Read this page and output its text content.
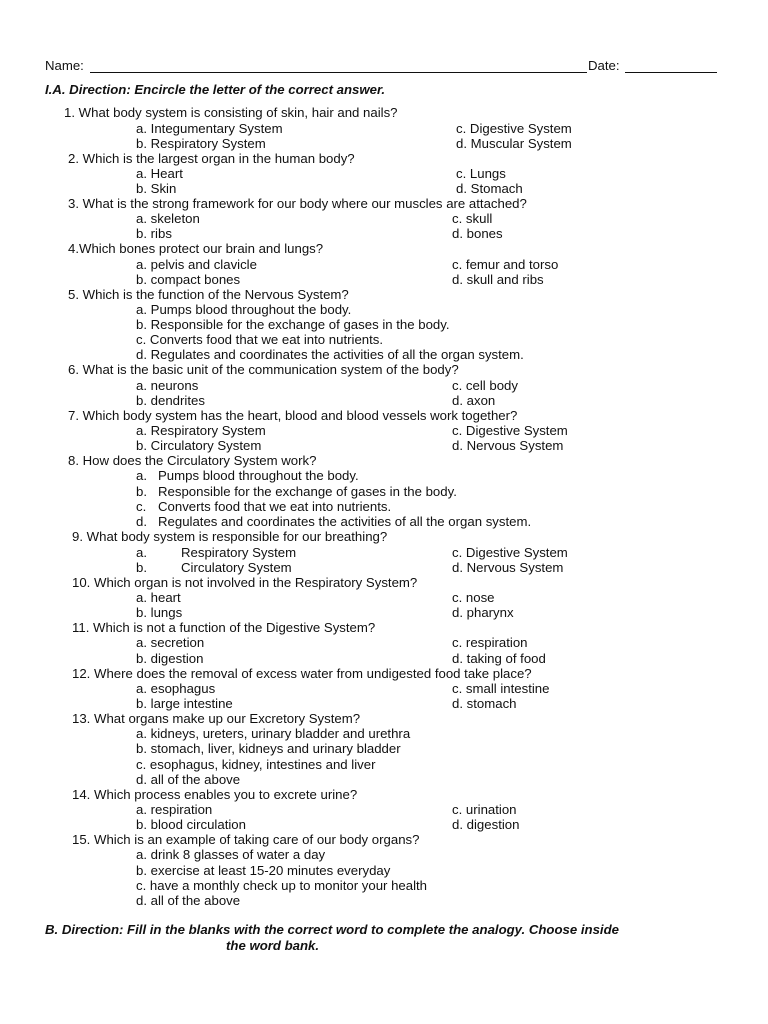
Name:	Date:
I.A. Direction: Encircle the letter of the correct answer.
1. What body system is consisting of skin, hair and nails?
a. Integumentary System
b. Respiratory System
c. Digestive System
d. Muscular System
2. Which is the largest organ in the human body?
a. Heart
b. Skin
c. Lungs
d. Stomach
3. What is the strong framework for our body where our muscles are attached?
a. skeleton
b. ribs
c. skull
d. bones
4.Which bones protect our brain and lungs?
a. pelvis and clavicle
b. compact bones
c. femur and torso
d. skull and ribs
5. Which is the function of the Nervous System?
a. Pumps blood throughout the body.
b. Responsible for the exchange of gases in the body.
c. Converts food that we eat into nutrients.
d. Regulates and coordinates the activities of all the organ system.
6. What is the basic unit of the communication system of the body?
a. neurons
b. dendrites
c. cell body
d. axon
7. Which body system has the heart, blood and blood vessels work together?
a. Respiratory System
b. Circulatory System
c. Digestive System
d. Nervous System
8. How does the Circulatory System work?
a. Pumps blood throughout the body.
b. Responsible for the exchange of gases in the body.
c. Converts food that we eat into nutrients.
d. Regulates and coordinates the activities of all the organ system.
9. What body system is responsible for our breathing?
a.	Respiratory System
b.	Circulatory System
c. Digestive System
d. Nervous System
10. Which organ is not involved in the Respiratory System?
a. heart
b. lungs
c. nose
d. pharynx
11. Which is not a function of the Digestive System?
a. secretion
b. digestion
c. respiration
d. taking of food
12. Where does the removal of excess water from undigested food take place?
a. esophagus
b. large intestine
c. small intestine
d. stomach
13. What organs make up our Excretory System?
a. kidneys, ureters, urinary bladder and urethra
b. stomach, liver, kidneys and urinary bladder
c. esophagus, kidney, intestines and liver
d. all of the above
14. Which process enables you to excrete urine?
a. respiration
b. blood circulation
c. urination
d. digestion
15. Which is an example of taking care of our body organs?
a. drink 8 glasses of water a day
b. exercise at least 15-20 minutes everyday
c. have a monthly check up to monitor your health
d. all of the above
B. Direction: Fill in the blanks with the correct word to complete the analogy. Choose inside
the word bank.
